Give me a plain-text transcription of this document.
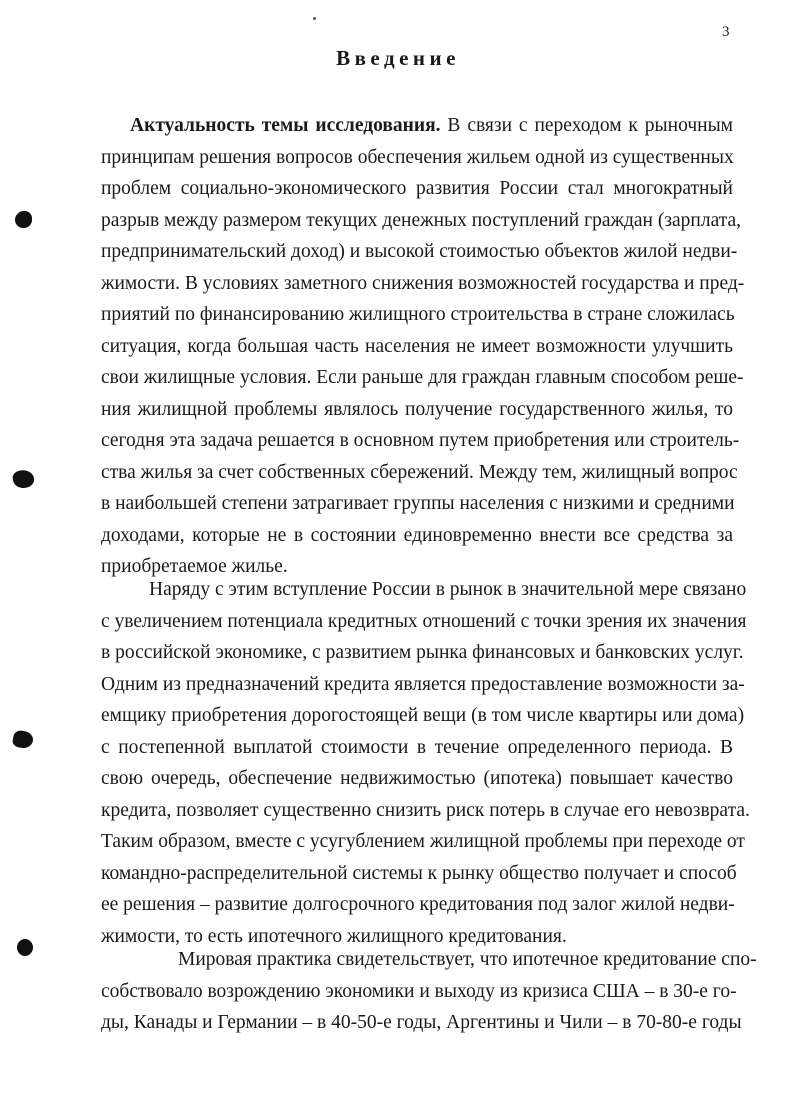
3
Введение
Актуальность темы исследования. В связи с переходом к рыночным
принципам решения вопросов обеспечения жильем одной из существенных
проблем социально-экономического развития России стал многократный
разрыв между размером текущих денежных поступлений граждан (зарплата,
предпринимательский доход) и высокой стоимостью объектов жилой недви-
жимости. В условиях заметного снижения возможностей государства и пред-
приятий по финансированию жилищного строительства в стране сложилась
ситуация, когда большая часть населения не имеет возможности улучшить
свои жилищные условия. Если раньше для граждан главным способом реше-
ния жилищной проблемы являлось получение государственного жилья, то
сегодня эта задача решается в основном путем приобретения или строитель-
ства жилья за счет собственных сбережений. Между тем, жилищный вопрос
в наибольшей степени затрагивает группы населения с низкими и средними
доходами, которые не в состоянии единовременно внести все средства за
приобретаемое жилье.
Наряду с этим вступление России в рынок в значительной мере связано
с увеличением потенциала кредитных отношений с точки зрения их значения
в российской экономике, с развитием рынка финансовых и банковских услуг.
Одним из предназначений кредита является предоставление возможности за-
емщику приобретения дорогостоящей вещи (в том числе квартиры или дома)
с постепенной выплатой стоимости в течение определенного периода. В
свою очередь, обеспечение недвижимостью (ипотека) повышает качество
кредита, позволяет существенно снизить риск потерь в случае его невозврата.
Таким образом, вместе с усугублением жилищной проблемы при переходе от
командно-распределительной системы к рынку общество получает и способ
ее решения – развитие долгосрочного кредитования под залог жилой недви-
жимости, то есть ипотечного жилищного кредитования.
Мировая практика свидетельствует, что ипотечное кредитование спо-
собствовало возрождению экономики и выходу из кризиса США – в 30-е го-
ды, Канады и Германии – в 40-50-е годы, Аргентины и Чили – в 70-80-е годы
